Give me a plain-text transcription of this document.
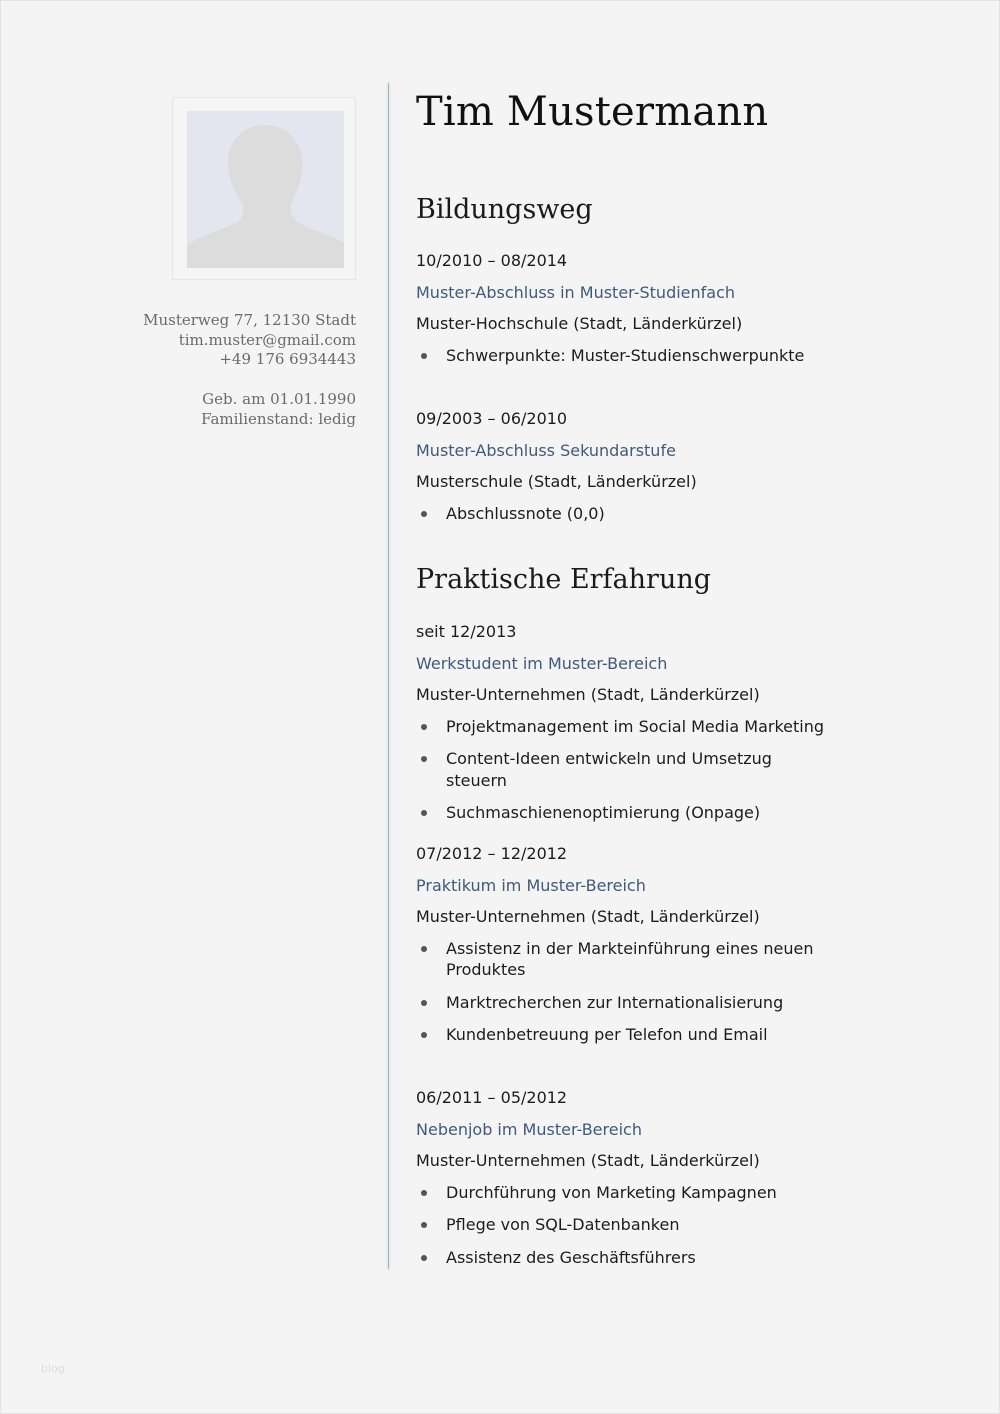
Musterweg 77, 12130 Stadt
tim.muster@gmail.com
+49 176 6934443
Geb. am 01.01.1990
Familienstand: ledig
Tim Mustermann
Bildungsweg
10/2010 – 08/2014
Muster-Abschluss in Muster-Studienfach
Muster-Hochschule (Stadt, Länderkürzel)
Schwerpunkte: Muster-Studienschwerpunkte
09/2003 – 06/2010
Muster-Abschluss Sekundarstufe
Musterschule (Stadt, Länderkürzel)
Abschlussnote (0,0)
Praktische Erfahrung
seit 12/2013
Werkstudent im Muster-Bereich
Muster-Unternehmen (Stadt, Länderkürzel)
Projektmanagement im Social Media Marketing
Content-Ideen entwickeln und Umsetzug steuern
Suchmaschienenoptimierung (Onpage)
07/2012 – 12/2012
Praktikum im Muster-Bereich
Muster-Unternehmen (Stadt, Länderkürzel)
Assistenz in der Markteinführung eines neuen Produktes
Marktrecherchen zur Internationalisierung
Kundenbetreuung per Telefon und Email
06/2011 – 05/2012
Nebenjob im Muster-Bereich
Muster-Unternehmen (Stadt, Länderkürzel)
Durchführung von Marketing Kampagnen
Pflege von SQL-Datenbanken
Assistenz des Geschäftsführers
blog
